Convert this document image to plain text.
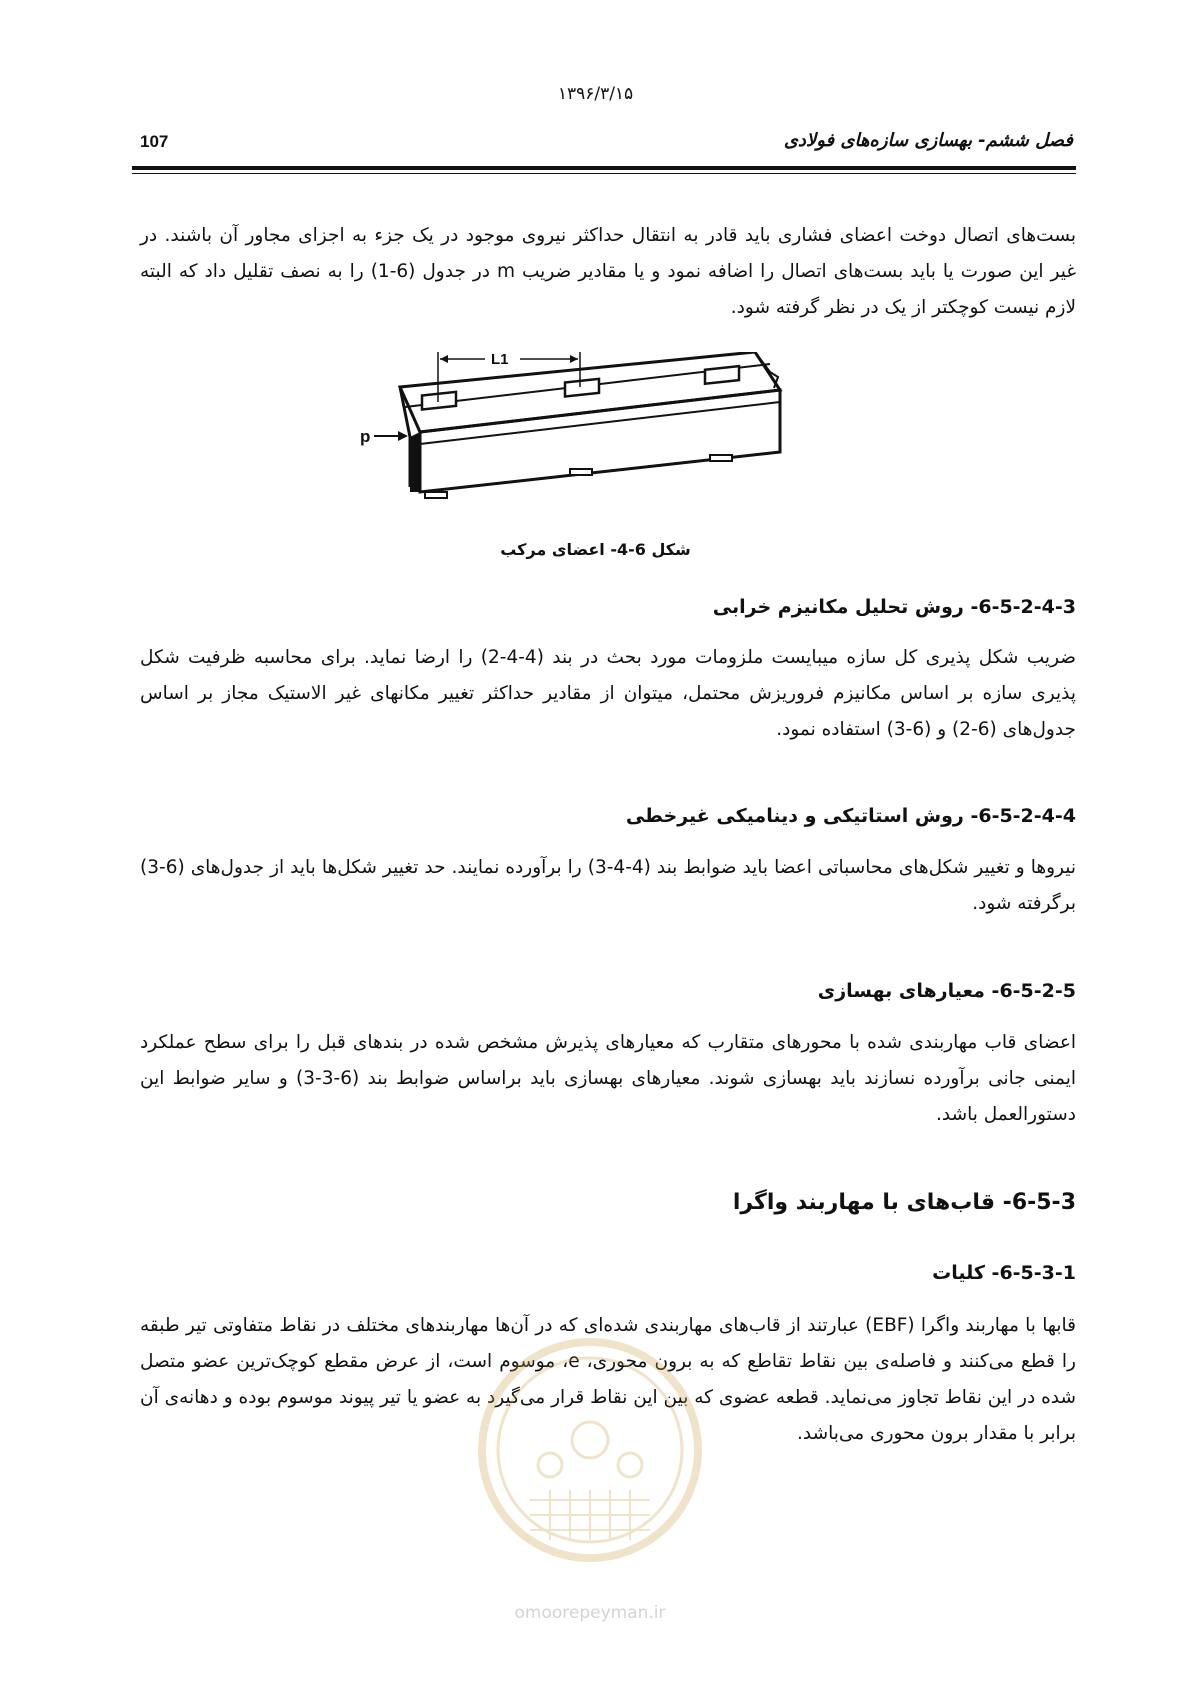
۱۳۹۶/۳/۱۵
107	فصل ششم- بهسازی سازه‌های فولادی
بست‌های اتصال دوخت اعضای فشاری باید قادر به انتقال حداکثر نیروی موجود در یک جزء به اجزای مجاور آن باشند. در غیر این صورت یا باید بست‌های اتصال را اضافه نمود و یا مقادیر ضریب m در جدول (6-1) را به نصف تقلیل داد که البته لازم نیست کوچکتر از یک در نظر گرفته شود.
L1
p
شکل 6-4- اعضای مرکب
6-5-2-4-3- روش تحلیل مکانیزم خرابی
ضریب شکل پذیری کل سازه میبایست ملزومات مورد بحث در بند (4-4-2) را ارضا نماید. برای محاسبه ظرفیت شکل پذیری سازه بر اساس مکانیزم فروریزش محتمل، میتوان از مقادیر حداکثر تغییر مکانهای غیر الاستیک مجاز بر اساس جدول‌های (6-2) و (6-3) استفاده نمود.
6-5-2-4-4- روش استاتیکی و دینامیکی غیرخطی
نیروها و تغییر شکل‌های محاسباتی اعضا باید ضوابط بند (4-4-3) را برآورده نمایند. حد تغییر شکل‌ها باید از جدول‌های (6-3) برگرفته شود.
6-5-2-5- معیارهای بهسازی
اعضای قاب مهاربندی شده با محورهای متقارب که معیارهای پذیرش مشخص شده در بندهای قبل را برای سطح عملکرد ایمنی جانی برآورده نسازند باید بهسازی شوند. معیارهای بهسازی باید براساس ضوابط بند (6-3-3) و سایر ضوابط این دستورالعمل باشد.
6-5-3- قاب‌های با مهاربند واگرا
6-5-3-1- کلیات
قابها با مهاربند واگرا (EBF) عبارتند از قاب‌های مهاربندی شده‌ای که در آن‌ها مهاربندهای مختلف در نقاط متفاوتی تیر طبقه را قطع می‌کنند و فاصله‌ی بین نقاط تقاطع که به برون محوری، e، موسوم است، از عرض مقطع کوچک‌ترین عضو متصل شده در این نقاط تجاوز می‌نماید. قطعه عضوی که بین این نقاط قرار می‌گیرد به عضو یا تیر پیوند موسوم بوده و دهانه‌ی آن برابر با مقدار برون محوری می‌باشد.
omoorepeyman.ir
